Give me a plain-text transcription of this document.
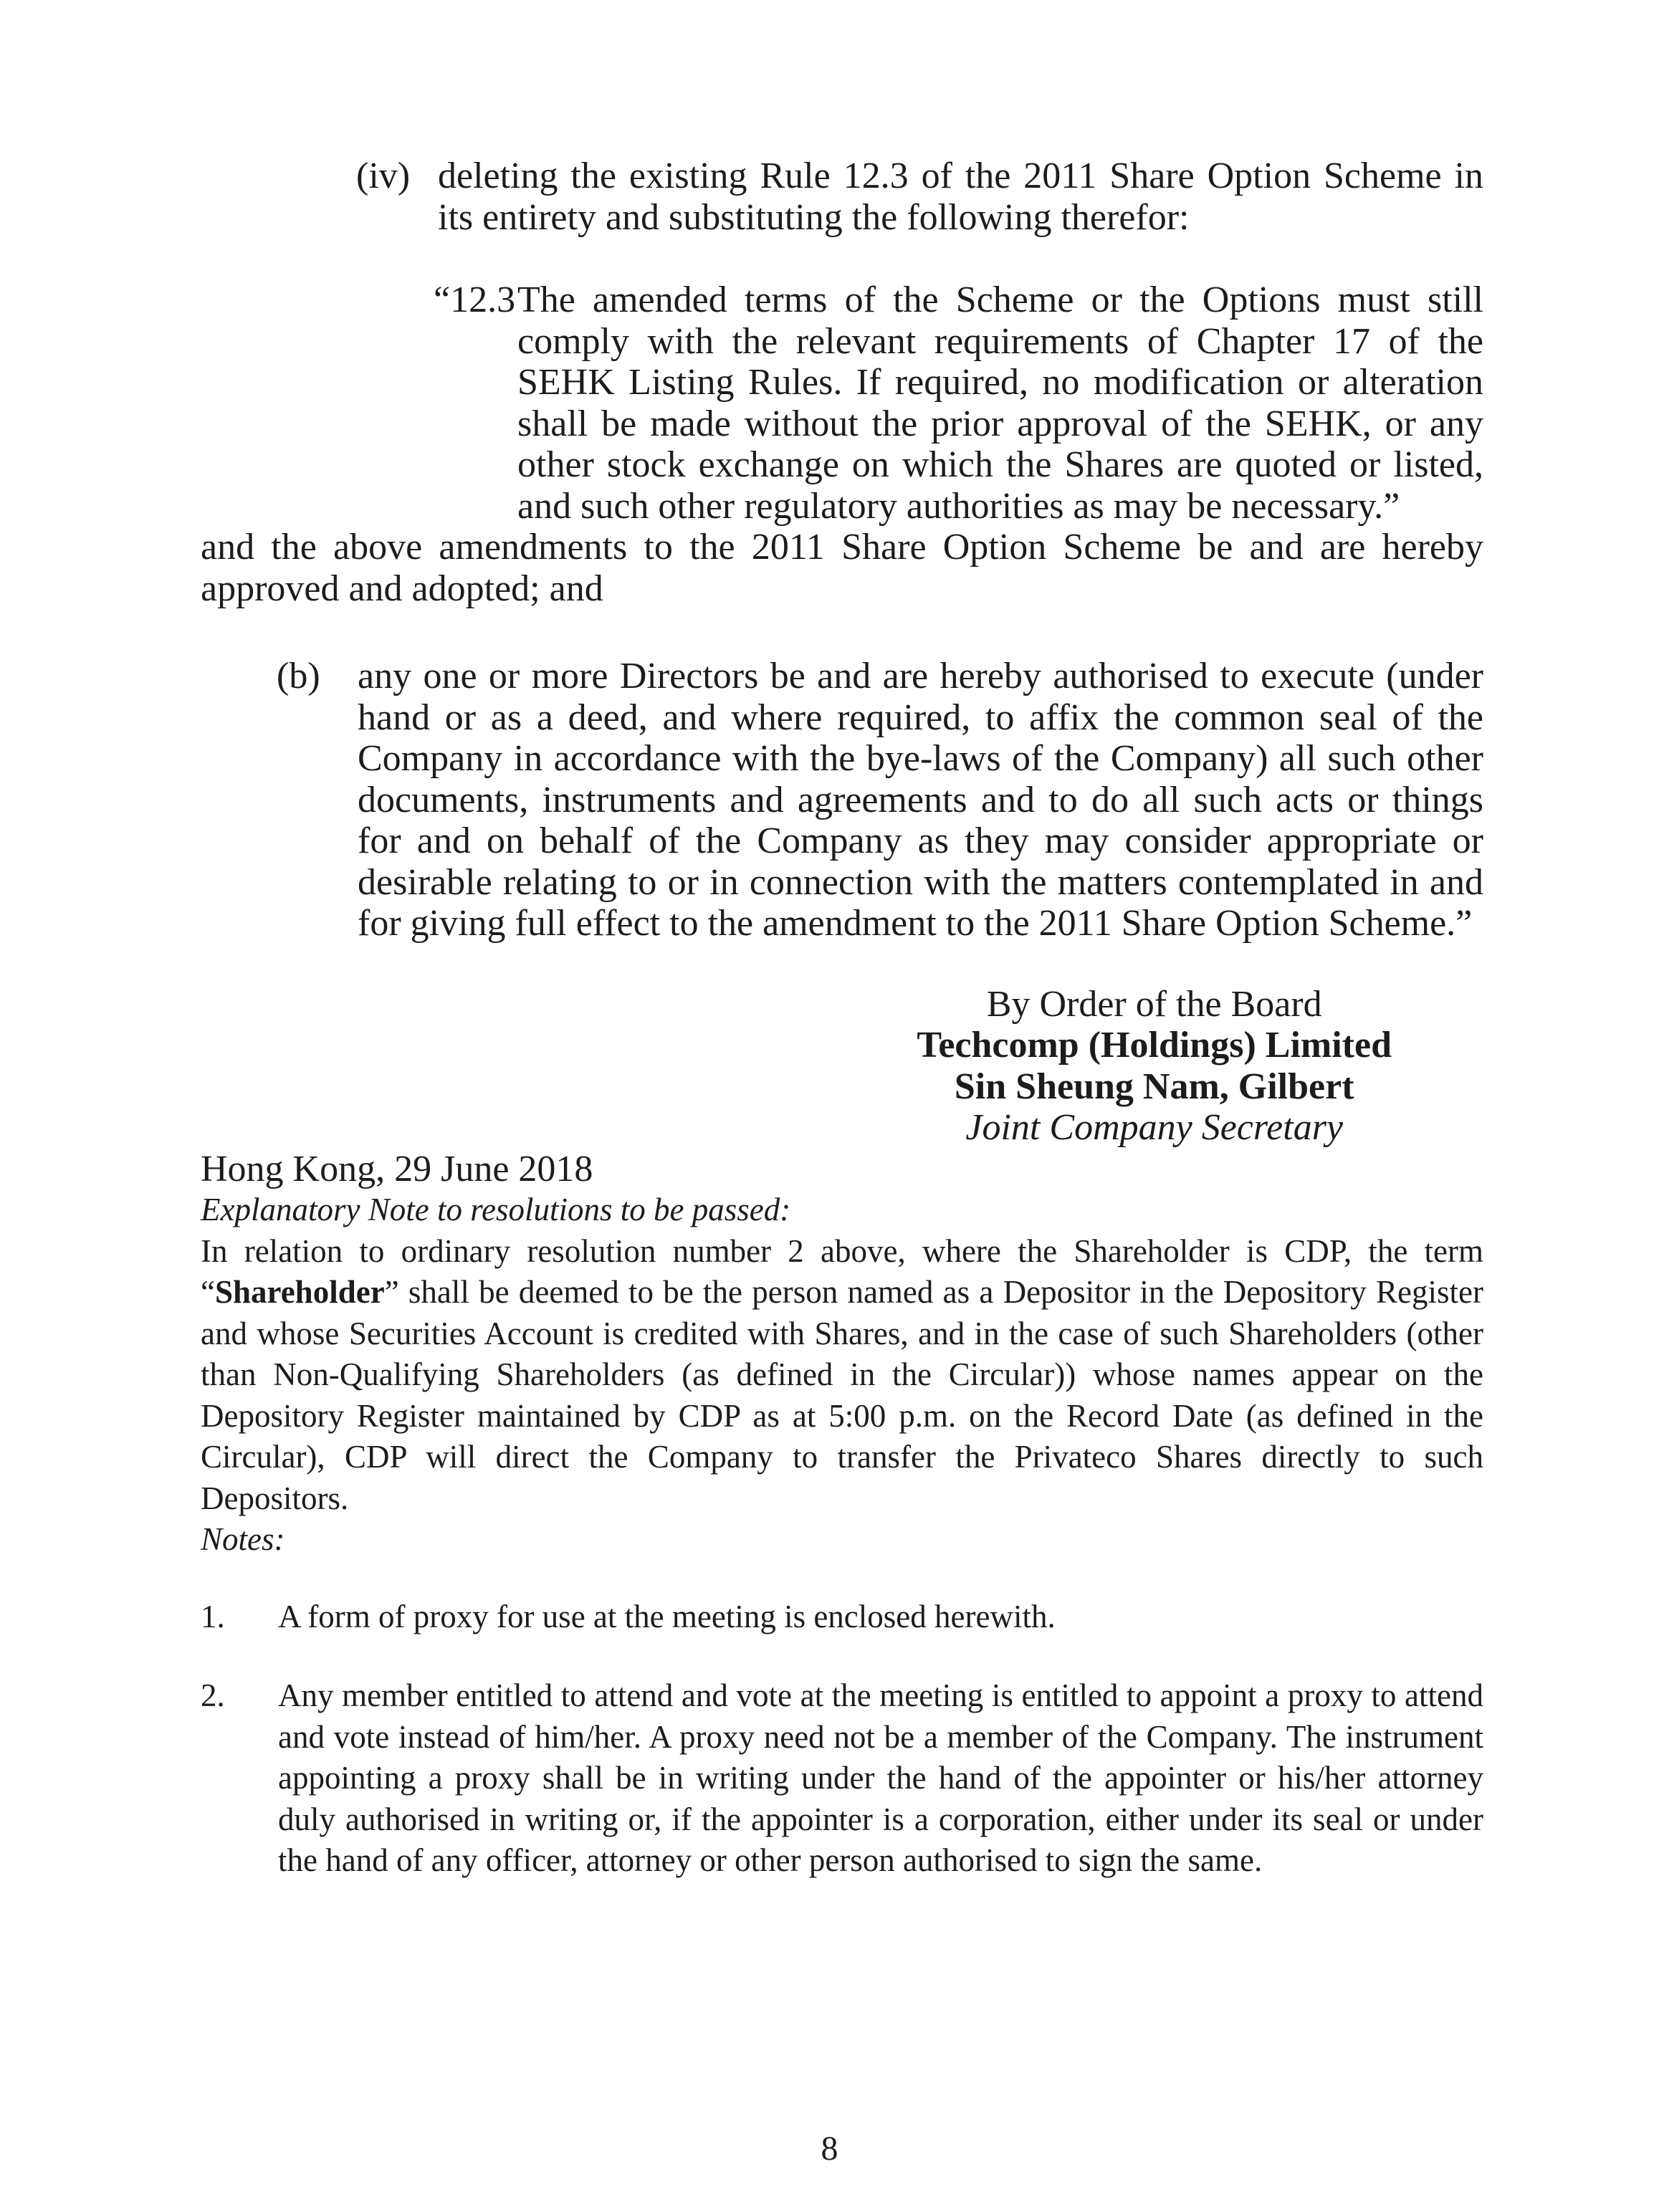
(iv) deleting the existing Rule 12.3 of the 2011 Share Option Scheme in its entirety and substituting the following therefor:

“12.3 The amended terms of the Scheme or the Options must still comply with the relevant requirements of Chapter 17 of the SEHK Listing Rules. If required, no modification or alteration shall be made without the prior approval of the SEHK, or any other stock exchange on which the Shares are quoted or listed, and such other regulatory authorities as may be necessary.”

and the above amendments to the 2011 Share Option Scheme be and are hereby approved and adopted; and

(b) any one or more Directors be and are hereby authorised to execute (under hand or as a deed, and where required, to affix the common seal of the Company in accordance with the bye-laws of the Company) all such other documents, instruments and agreements and to do all such acts or things for and on behalf of the Company as they may consider appropriate or desirable relating to or in connection with the matters contemplated in and for giving full effect to the amendment to the 2011 Share Option Scheme.”

By Order of the Board

Techcomp (Holdings) Limited

Sin Sheung Nam, Gilbert

Joint Company Secretary

Hong Kong, 29 June 2018

Explanatory Note to resolutions to be passed:

In relation to ordinary resolution number 2 above, where the Shareholder is CDP, the term “Shareholder” shall be deemed to be the person named as a Depositor in the Depository Register and whose Securities Account is credited with Shares, and in the case of such Shareholders (other than Non-Qualifying Shareholders (as defined in the Circular)) whose names appear on the Depository Register maintained by CDP as at 5:00 p.m. on the Record Date (as defined in the Circular), CDP will direct the Company to transfer the Privateco Shares directly to such Depositors.

Notes:

1. A form of proxy for use at the meeting is enclosed herewith.

2. Any member entitled to attend and vote at the meeting is entitled to appoint a proxy to attend and vote instead of him/her. A proxy need not be a member of the Company. The instrument appointing a proxy shall be in writing under the hand of the appointer or his/her attorney duly authorised in writing or, if the appointer is a corporation, either under its seal or under the hand of any officer, attorney or other person authorised to sign the same.

8
